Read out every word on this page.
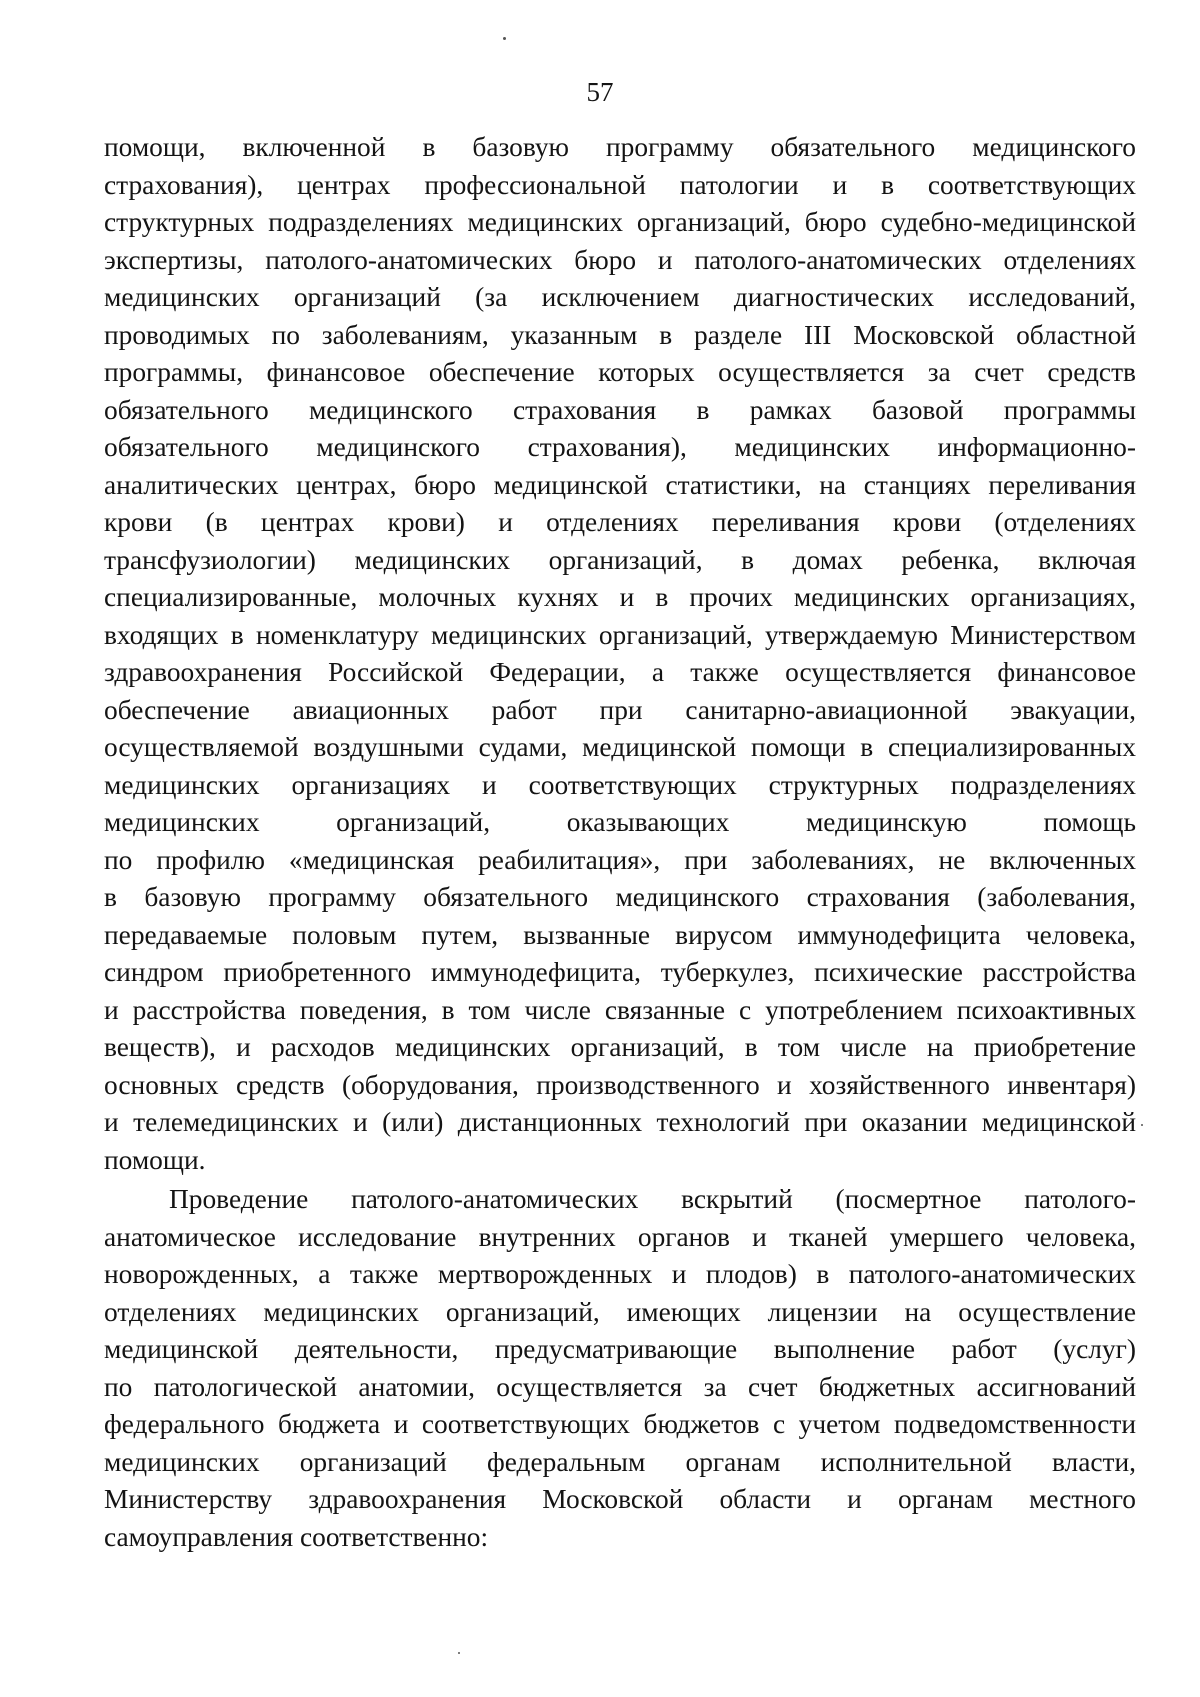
57
помощи, включенной в базовую программу обязательного медицинского
страхования), центрах профессиональной патологии и в соответствующих
структурных подразделениях медицинских организаций, бюро судебно-медицинской
экспертизы, патолого-анатомических бюро и патолого-анатомических отделениях
медицинских организаций (за исключением диагностических исследований,
проводимых по заболеваниям, указанным в разделе III Московской областной
программы, финансовое обеспечение которых осуществляется за счет средств
обязательного медицинского страхования в рамках базовой программы
обязательного медицинского страхования), медицинских информационно-
аналитических центрах, бюро медицинской статистики, на станциях переливания
крови (в центрах крови) и отделениях переливания крови (отделениях
трансфузиологии) медицинских организаций, в домах ребенка, включая
специализированные, молочных кухнях и в прочих медицинских организациях,
входящих в номенклатуру медицинских организаций, утверждаемую Министерством
здравоохранения Российской Федерации, а также осуществляется финансовое
обеспечение авиационных работ при санитарно-авиационной эвакуации,
осуществляемой воздушными судами, медицинской помощи в специализированных
медицинских организациях и соответствующих структурных подразделениях
медицинских организаций, оказывающих медицинскую помощь
по профилю «медицинская реабилитация», при заболеваниях, не включенных
в базовую программу обязательного медицинского страхования (заболевания,
передаваемые половым путем, вызванные вирусом иммунодефицита человека,
синдром приобретенного иммунодефицита, туберкулез, психические расстройства
и расстройства поведения, в том числе связанные с употреблением психоактивных
веществ), и расходов медицинских организаций, в том числе на приобретение
основных средств (оборудования, производственного и хозяйственного инвентаря)
и телемедицинских и (или) дистанционных технологий при оказании медицинской
помощи.
Проведение патолого-анатомических вскрытий (посмертное патолого-
анатомическое исследование внутренних органов и тканей умершего человека,
новорожденных, а также мертворожденных и плодов) в патолого-анатомических
отделениях медицинских организаций, имеющих лицензии на осуществление
медицинской деятельности, предусматривающие выполнение работ (услуг)
по патологической анатомии, осуществляется за счет бюджетных ассигнований
федерального бюджета и соответствующих бюджетов с учетом подведомственности
медицинских организаций федеральным органам исполнительной власти,
Министерству здравоохранения Московской области и органам местного
самоуправления соответственно:
